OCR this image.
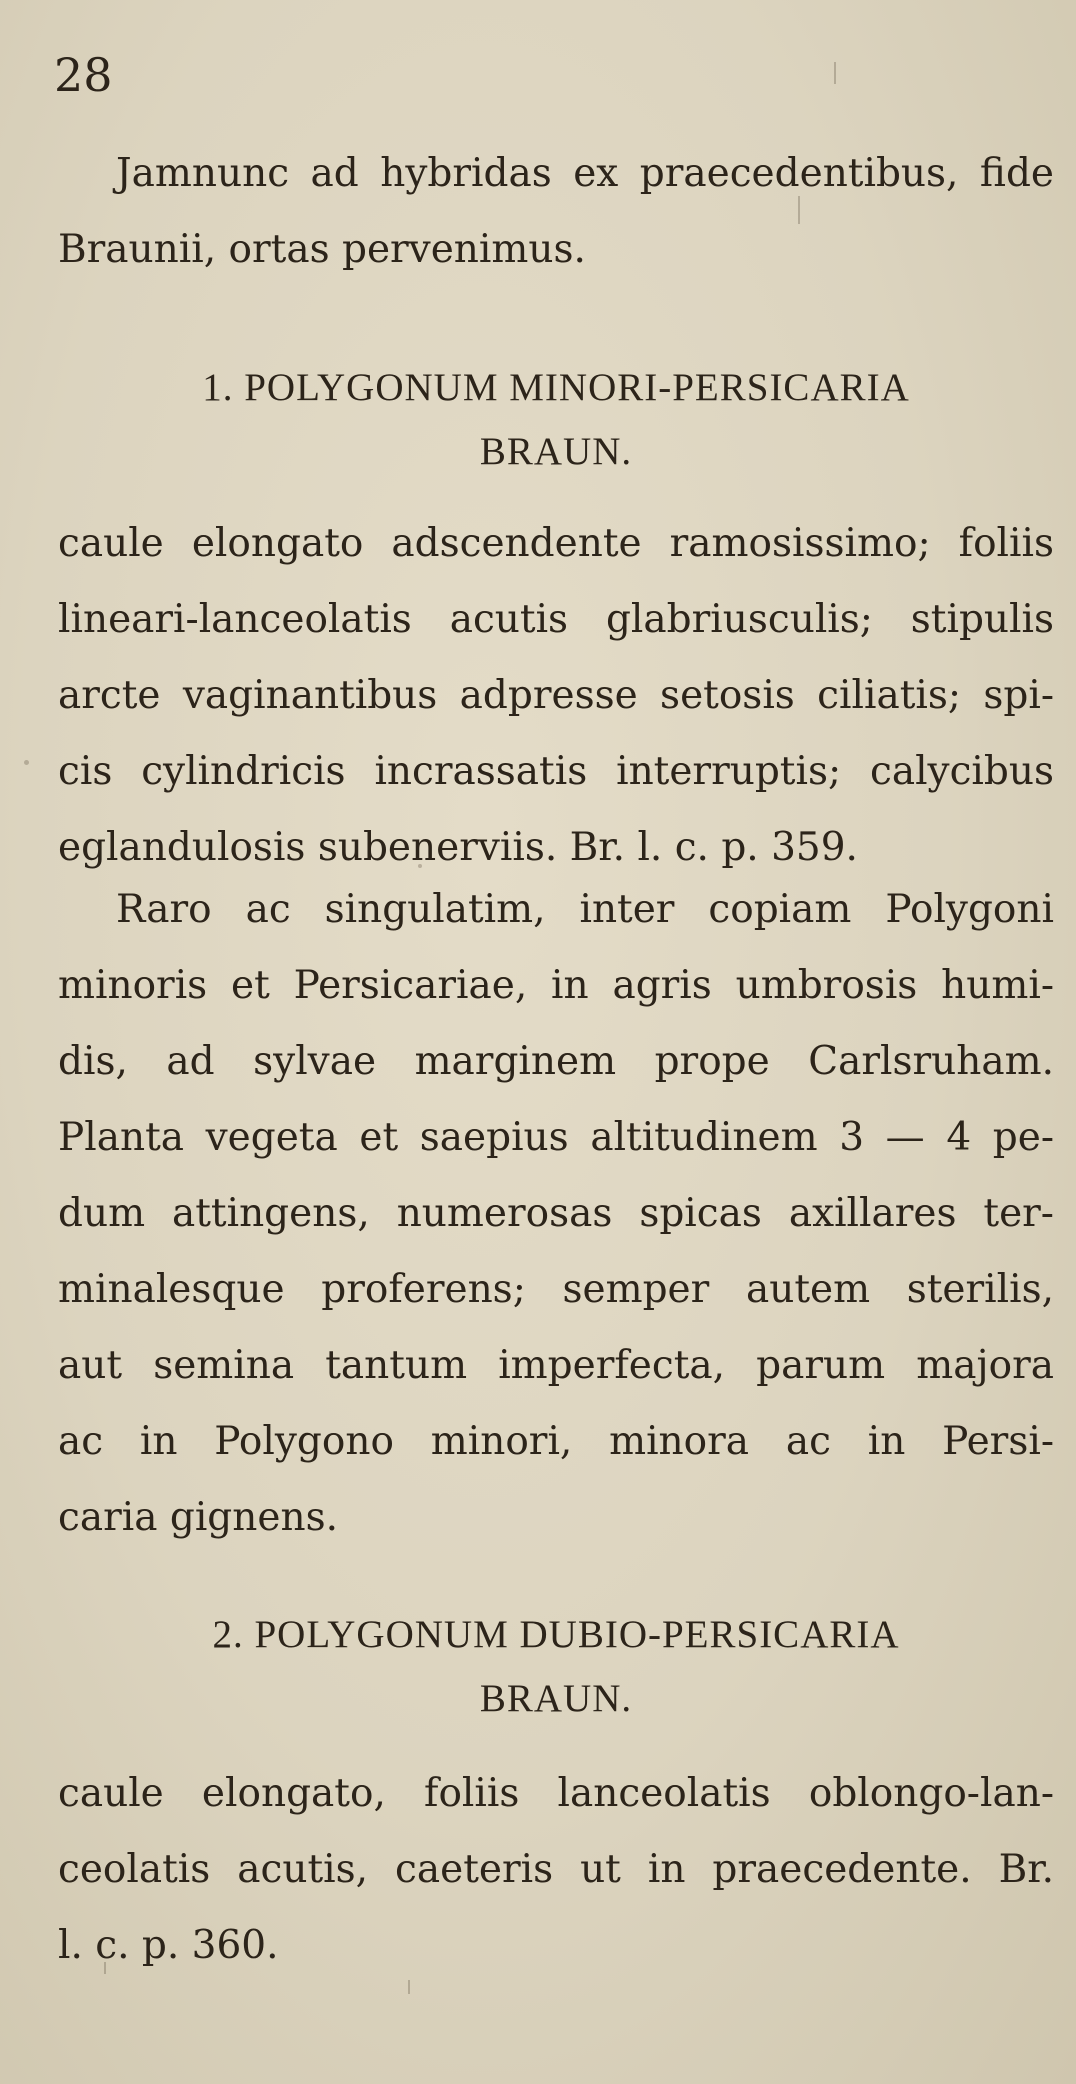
28
Jamnunc ad hybridas ex praecedentibus, fide
Braunii, ortas pervenimus.
1. POLYGONUM MINORI-PERSICARIA
BRAUN.
caule elongato adscendente ramosissimo; foliis
lineari-lanceolatis acutis glabriusculis; stipulis
arcte vaginantibus adpresse setosis ciliatis; spi-
cis cylindricis incrassatis interruptis; calycibus
eglandulosis subenerviis. Br. l. c. p. 359.
Raro ac singulatim, inter copiam Polygoni
minoris et Persicariae, in agris umbrosis humi-
dis, ad sylvae marginem prope Carlsruham.
Planta vegeta et saepius altitudinem 3 — 4 pe-
dum attingens, numerosas spicas axillares ter-
minalesque proferens; semper autem sterilis,
aut semina tantum imperfecta, parum majora
ac in Polygono minori, minora ac in Persi-
caria gignens.
2. POLYGONUM DUBIO-PERSICARIA
BRAUN.
caule elongato, foliis lanceolatis oblongo-lan-
ceolatis acutis, caeteris ut in praecedente. Br.
l. c. p. 360.
